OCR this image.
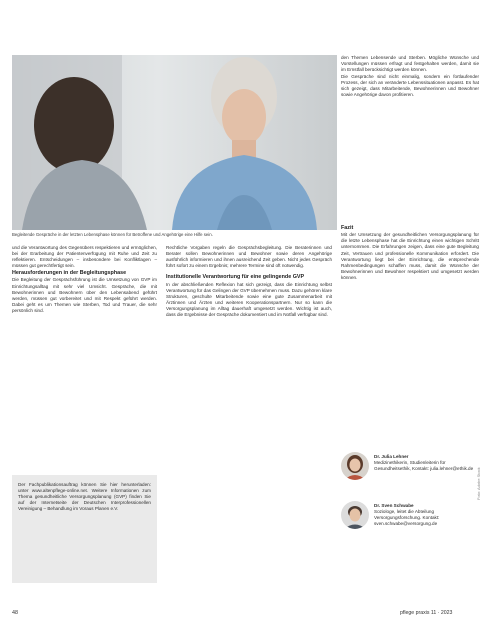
Begleitende Gespräche in der letzten Lebensphase können für Betroffene und Angehörige eine Hilfe sein.

und die Verantwortung des Gegenübers respektieren und ermöglichen, bei der Erarbeitung der Patientenverfügung mit Ruhe und Zeit zu reflektieren. Entscheidungen – insbesondere bei Konfliktlagen – müssen gut gerechtfertigt sein.

Herausforderungen in der Begleitungsphase

Die Begleitung der Gesprächsführung ist die Umsetzung von GVP im Einrichtungsalltag mit sehr viel Umsicht. Gespräche, die mit Bewohnerinnen und Bewohnern über den Lebensabend geführt werden, müssen gut vorbereitet und mit Respekt geführt werden. Dabei geht es um Themen wie Sterben, Tod und Trauer, die sehr persönlich sind.

Der Fachpublikationsauftrag können Sie hier herunterladen: unter www.altenpflege-online.net. Weitere Informationen zum Thema gesundheitliche Versorgungsplanung (GVP) finden Sie auf der Internetseite der Deutschen Interprofessionellen Vereinigung – Behandlung im Voraus Planen e.V.

Rechtliche Vorgaben regeln die Gesprächsbegleitung. Die Beraterinnen und Berater sollen Bewohnerinnen und Bewohner sowie deren Angehörige ausführlich informieren und ihnen ausreichend Zeit geben. Nicht jedes Gespräch führt sofort zu einem Ergebnis; mehrere Termine sind oft notwendig.

Institutionelle Verantwortung für eine gelingende GVP

In der abschließenden Reflexion hat sich gezeigt, dass die Einrichtung selbst Verantwortung für das Gelingen der GVP übernehmen muss. Dazu gehören klare Strukturen, geschulte Mitarbeitende sowie eine gute Zusammenarbeit mit Ärztinnen und Ärzten und weiteren Kooperationspartnern. Nur so kann die Versorgungsplanung im Alltag dauerhaft umgesetzt werden. Wichtig ist auch, dass die Ergebnisse der Gespräche dokumentiert und im Notfall verfügbar sind.

den Themen Lebensende und Sterben. Mögliche Wünsche und Vorstellungen müssen erfragt und festgehalten werden, damit sie im Ernstfall berücksichtigt werden können.

Die Gespräche sind nicht einmalig, sondern ein fortlaufender Prozess, der sich an veränderte Lebenssituationen anpasst. Es hat sich gezeigt, dass Mitarbeitende, Bewohnerinnen und Bewohner sowie Angehörige davon profitieren.

Fazit

Mit der Umsetzung der gesundheitlichen Versorgungsplanung für die letzte Lebensphase hat die Einrichtung einen wichtigen Schritt unternommen. Die Erfahrungen zeigen, dass eine gute Begleitung Zeit, Vertrauen und professionelle Kommunikation erfordert. Die Verantwortung liegt bei der Einrichtung, die entsprechende Rahmenbedingungen schaffen muss, damit die Wünsche der Bewohnerinnen und Bewohner respektiert und umgesetzt werden können.

Dr. Julia Lehner
Medizinethikerin, Studienleiterin für Gesundheitsethik, Kontakt: julia.lehner@ethik.de
Dr. Sven Schwabe
Soziologe, leitet die Abteilung Versorgungsforschung. Kontakt: sven.schwabe@versorgung.de
48	pflege praxis 11 · 2023
Foto: Adobe Stock
